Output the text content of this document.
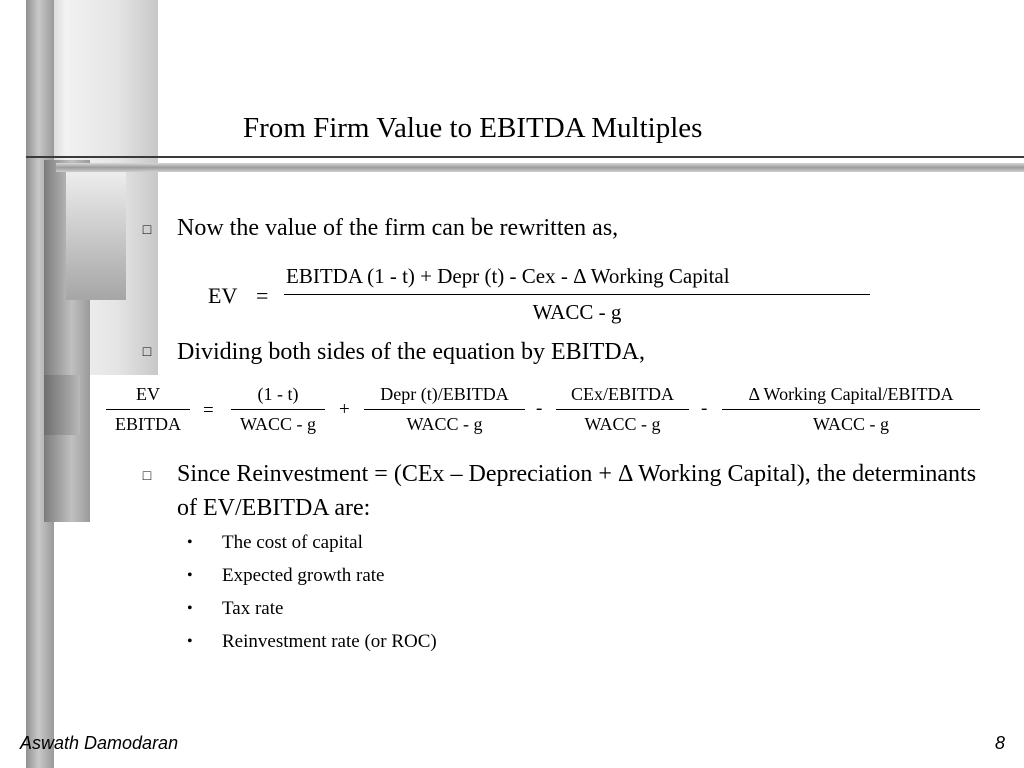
From Firm Value to EBITDA Multiples
□ Now the value of the firm can be rewritten as,
EV =
EBITDA (1 - t) + Depr (t) - Cex - Δ Working Capital
WACC - g
□ Dividing both sides of the equation by EBITDA,
EV
EBITDA
=
(1 - t)
WACC - g
+
Depr (t)/EBITDA
WACC - g
-
CEx/EBITDA
WACC - g
-
Δ Working Capital/EBITDA
WACC - g
□ Since Reinvestment = (CEx – Depreciation + Δ Working Capital), the determinants of EV/EBITDA are:
• The cost of capital
• Expected growth rate
• Tax rate
• Reinvestment rate (or ROC)
Aswath Damodaran	8
